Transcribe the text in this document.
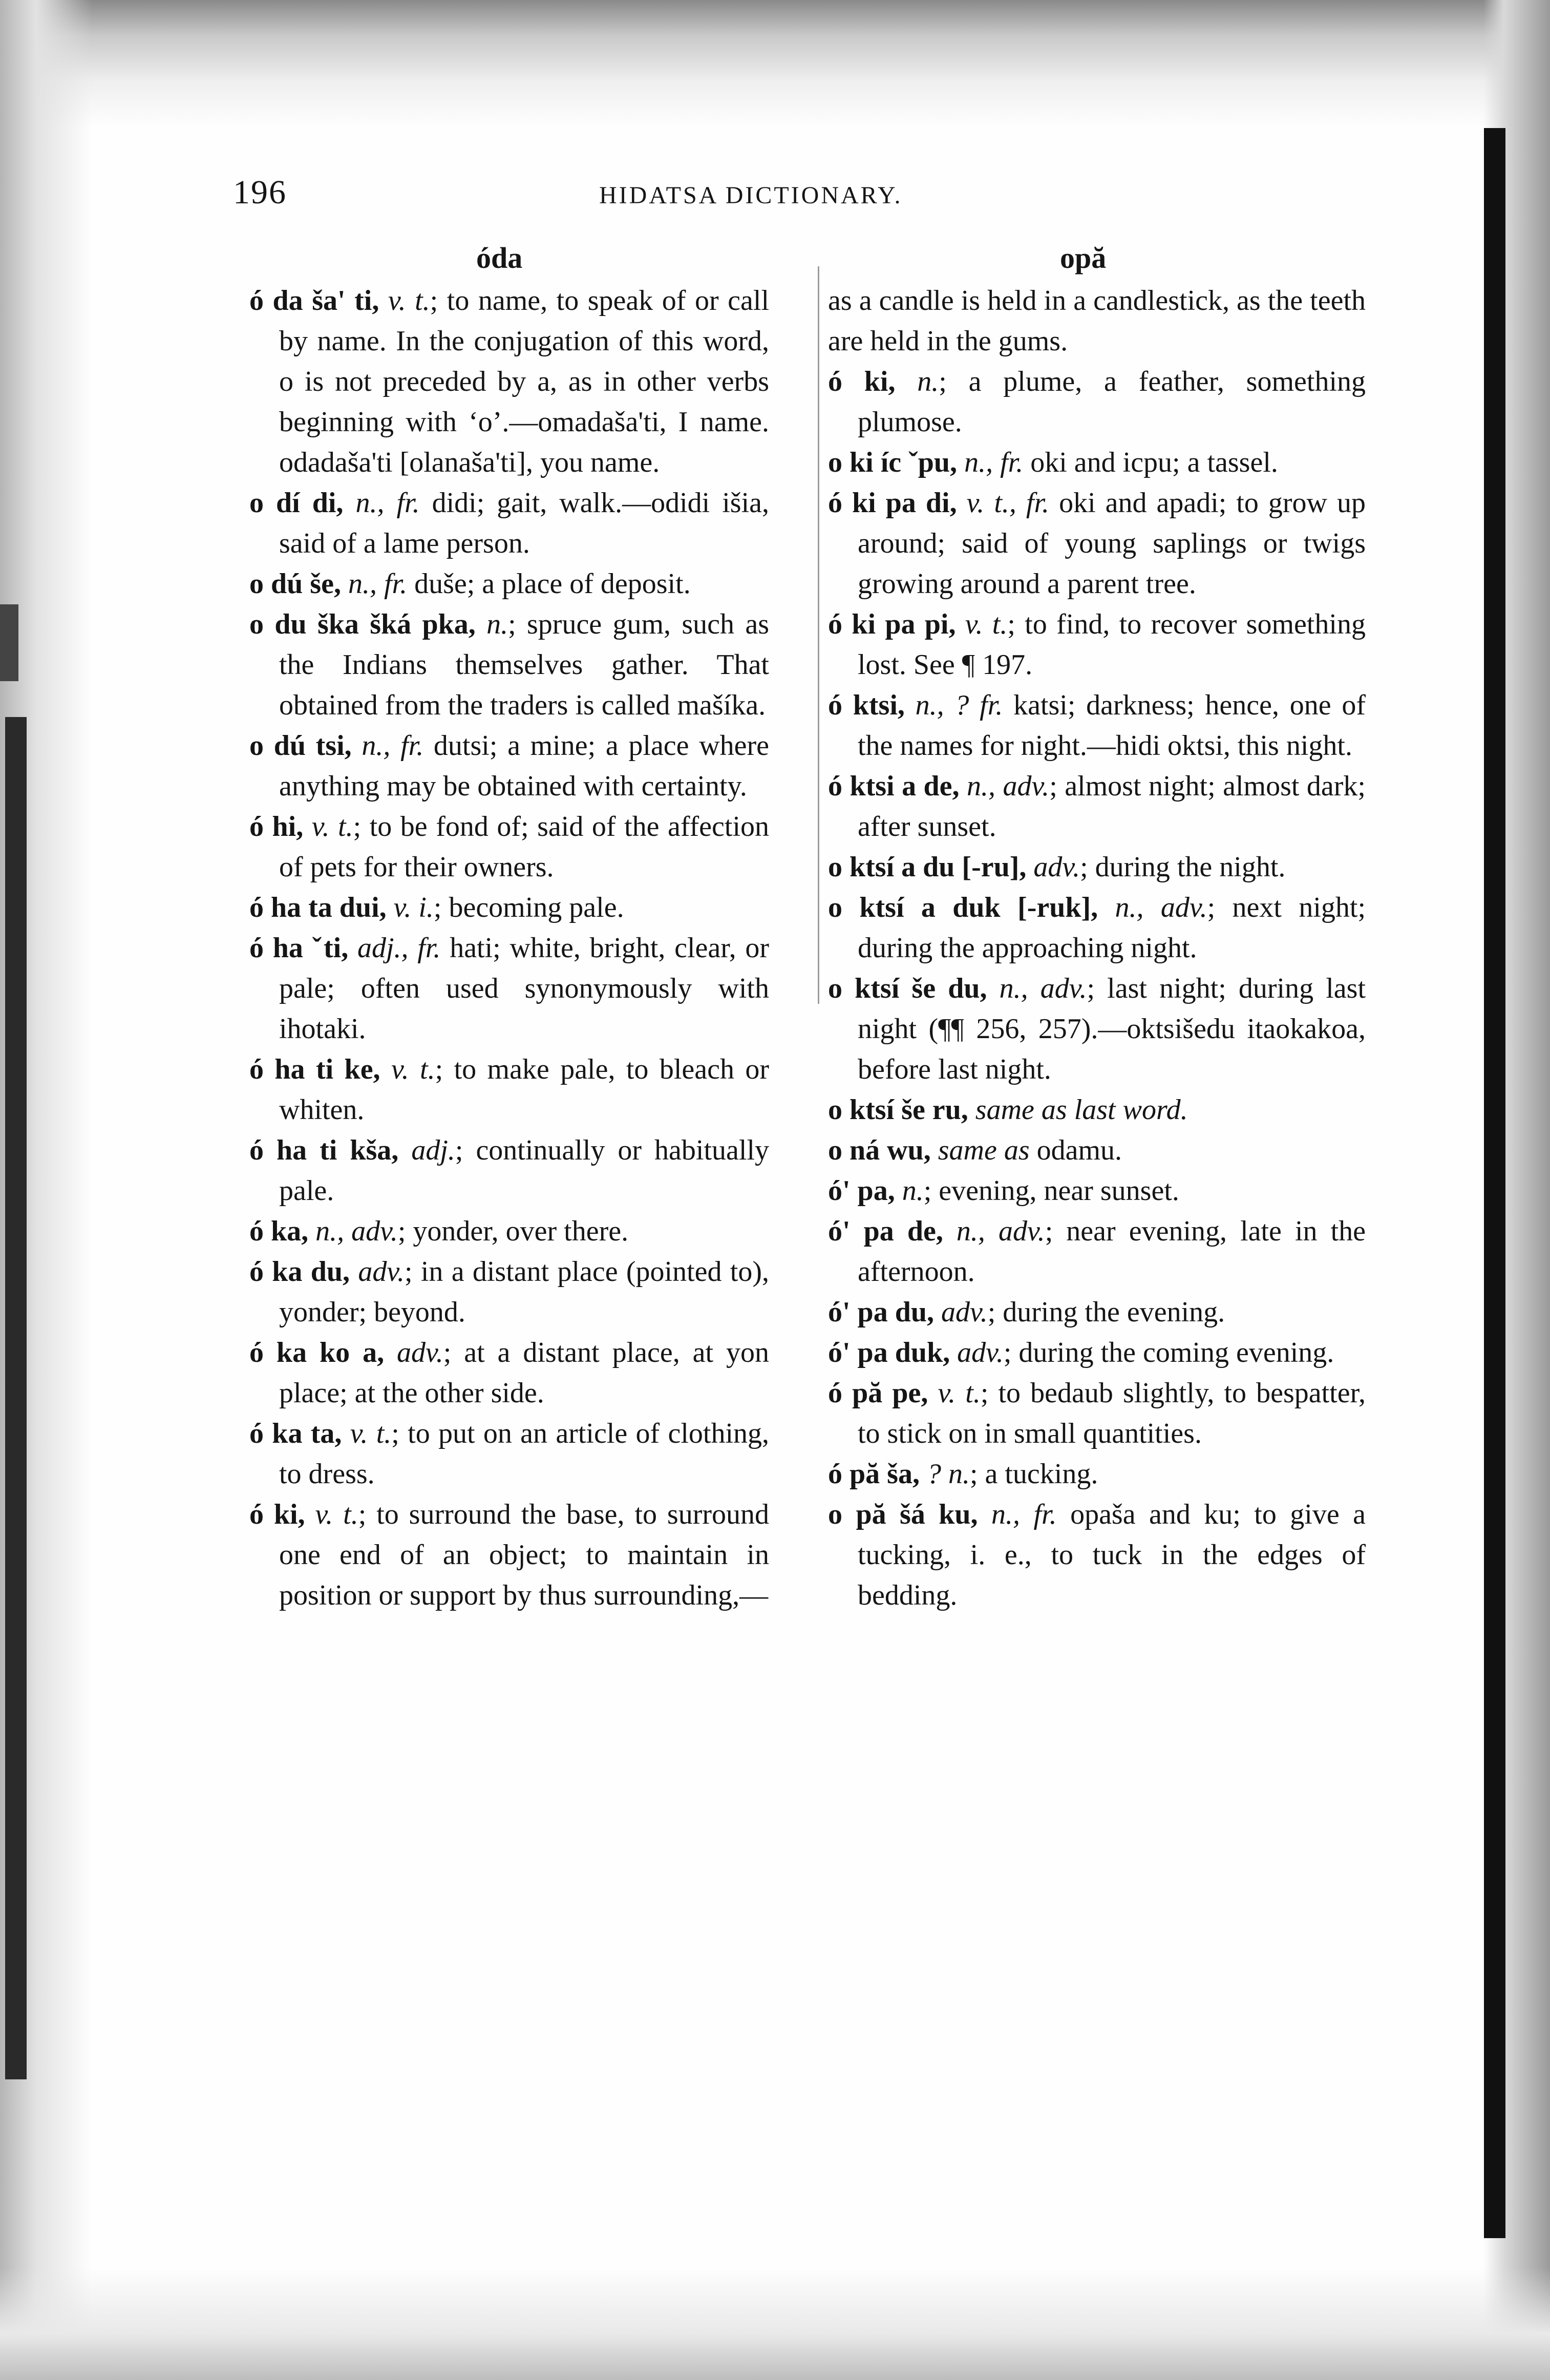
196	HIDATSA DICTIONARY.
óda	opă

ó da ša' ti, v. t.; to name, to speak of or call by name. In the conjugation of this word, o is not preceded by a, as in other verbs beginning with ‘o’.—omadaša'ti, I name. odadaša'ti [olanaša'ti], you name.

o dí di, n., fr. didi; gait, walk.—odidi išia, said of a lame person.

o dú še, n., fr. duše; a place of deposit.

o du ška šká pka, n.; spruce gum, such as the Indians themselves gather. That obtained from the traders is called mašíka.

o dú tsi, n., fr. dutsi; a mine; a place where anything may be obtained with certainty.

ó hi, v. t.; to be fond of; said of the affection of pets for their owners.

ó ha ta dui, v. i.; becoming pale.

ó ha ˇti, adj., fr. hati; white, bright, clear, or pale; often used synonymously with ihotaki.

ó ha ti ke, v. t.; to make pale, to bleach or whiten.

ó ha ti kša, adj.; continually or habitually pale.

ó ka, n., adv.; yonder, over there.

ó ka du, adv.; in a distant place (pointed to), yonder; beyond.

ó ka ko a, adv.; at a distant place, at yon place; at the other side.

ó ka ta, v. t.; to put on an article of clothing, to dress.

ó ki, v. t.; to surround the base, to surround one end of an object; to maintain in position or support by thus surrounding,—

as a candle is held in a candlestick, as the teeth are held in the gums.

ó ki, n.; a plume, a feather, something plumose.

o ki íc ˇpu, n., fr. oki and icpu; a tassel.

ó ki pa di, v. t., fr. oki and apadi; to grow up around; said of young saplings or twigs growing around a parent tree.

ó ki pa pi, v. t.; to find, to recover something lost. See ¶ 197.

ó ktsi, n., ? fr. katsi; darkness; hence, one of the names for night.—hidi oktsi, this night.

ó ktsi a de, n., adv.; almost night; almost dark; after sunset.

o ktsí a du [-ru], adv.; during the night.

o ktsí a duk [-ruk], n., adv.; next night; during the approaching night.

o ktsí še du, n., adv.; last night; during last night (¶¶ 256, 257).—oktsišedu itaokakoa, before last night.

o ktsí še ru, same as last word.

o ná wu, same as odamu.

ó' pa, n.; evening, near sunset.

ó' pa de, n., adv.; near evening, late in the afternoon.

ó' pa du, adv.; during the evening.

ó' pa duk, adv.; during the coming evening.

ó pă pe, v. t.; to bedaub slightly, to bespatter, to stick on in small quantities.

ó pă ša, ? n.; a tucking.

o pă šá ku, n., fr. opaša and ku; to give a tucking, i. e., to tuck in the edges of bedding.
